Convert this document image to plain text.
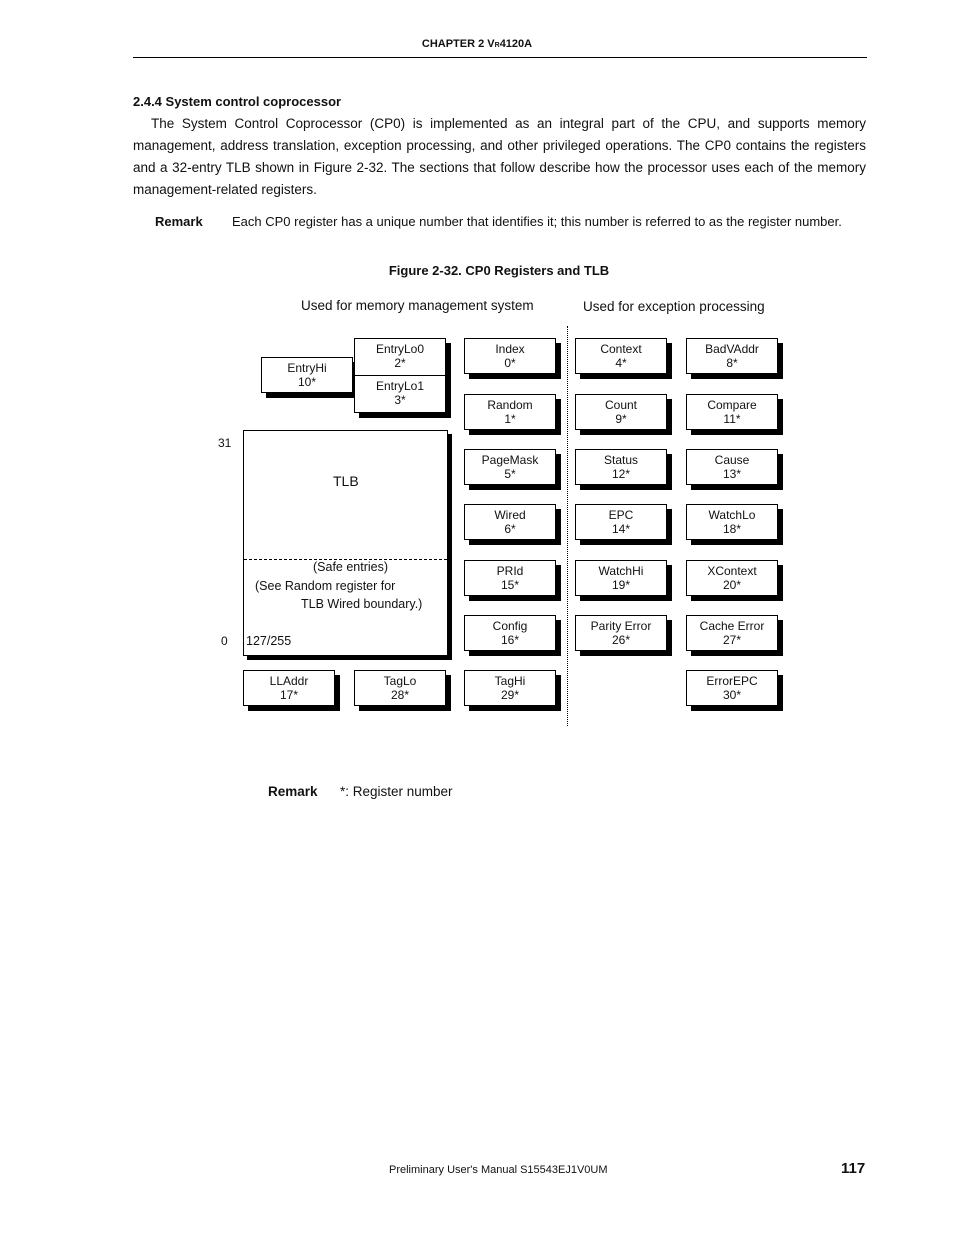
CHAPTER 2 VR4120A
2.4.4 System control coprocessor

The System Control Coprocessor (CP0) is implemented as an integral part of the CPU, and supports memory management, address translation, exception processing, and other privileged operations. The CP0 contains the registers and a 32-entry TLB shown in Figure 2-32. The sections that follow describe how the processor uses each of the memory management-related registers.

Remark Each CP0 register has a unique number that identifies it; this number is referred to as the register number.
Figure 2-32. CP0 Registers and TLB
Used for memory management system	Used for exception processing
EntryHi
10*
EntryLo0
2*
EntryLo1
3*
31
0
TLB
(Safe entries)
(See Random register for
TLB Wired boundary.)
127/255
LLAddr
17*
TagLo
28*
Index
0*
Random
1*
PageMask
5*
Wired
6*
PRId
15*
Config
16*
TagHi
29*
Context
4*
Count
9*
Status
12*
EPC
14*
WatchHi
19*
Parity Error
26*
BadVAddr
8*
Compare
11*
Cause
13*
WatchLo
18*
XContext
20*
Cache Error
27*
ErrorEPC
30*
Remark *: Register number
Preliminary User's Manual S15543EJ1V0UM	117
